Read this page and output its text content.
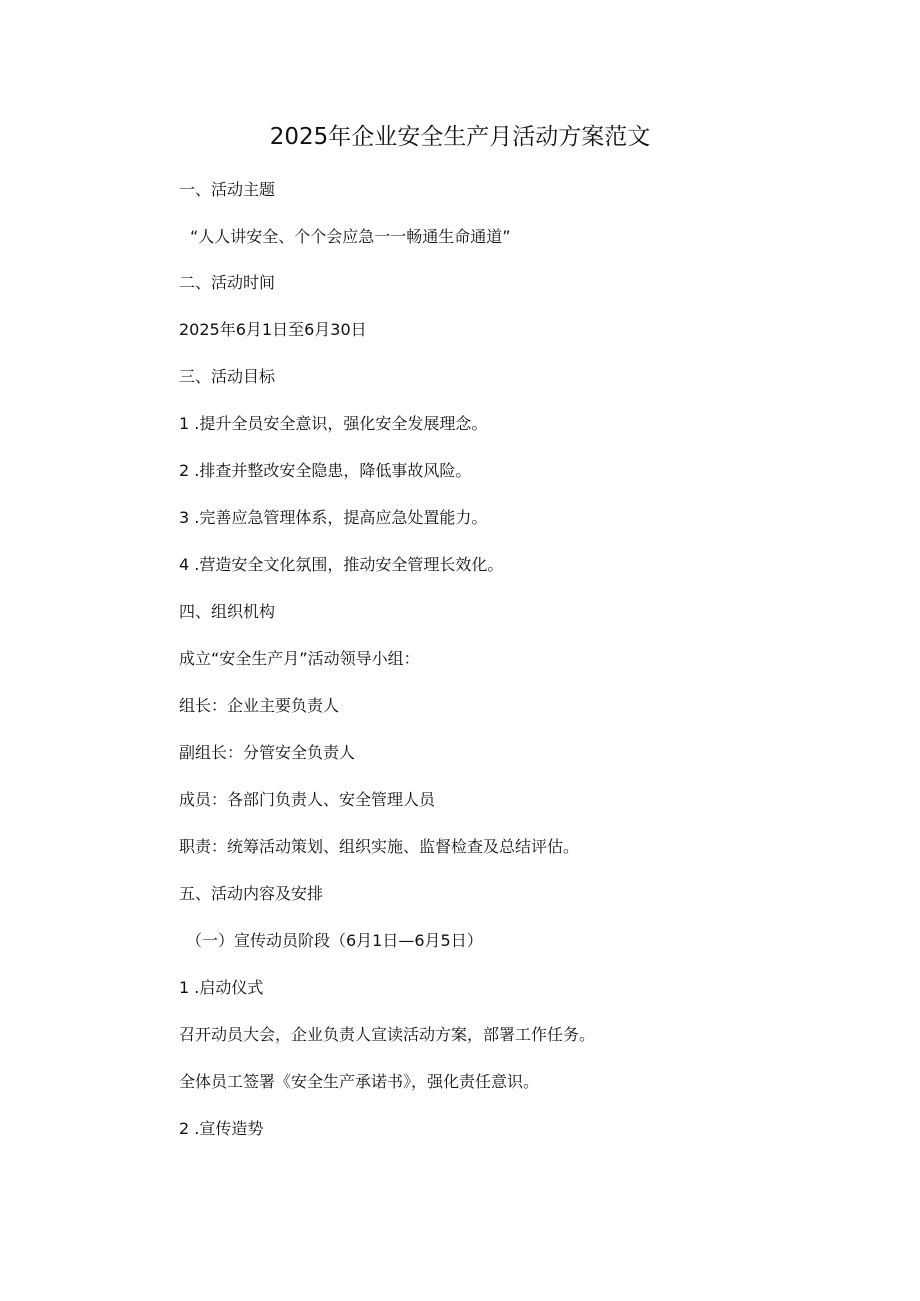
2025年企业安全生产月活动方案范文
一、活动主题
“人人讲安全、个个会应急一一畅通生命通道”
二、活动时间
2025年6月1日至6月30日
三、活动目标
1 .提升全员安全意识，强化安全发展理念。
2 .排查并整改安全隐患，降低事故风险。
3 .完善应急管理体系，提高应急处置能力。
4 .营造安全文化氛围，推动安全管理长效化。
四、组织机构
成立“安全生产月”活动领导小组：
组长：企业主要负责人
副组长：分管安全负责人
成员：各部门负责人、安全管理人员
职责：统筹活动策划、组织实施、监督检查及总结评估。
五、活动内容及安排
（一）宣传动员阶段（6月1日—6月5日）
1 .启动仪式
召开动员大会，企业负责人宣读活动方案，部署工作任务。
全体员工签署《安全生产承诺书》，强化责任意识。
2 .宣传造势
